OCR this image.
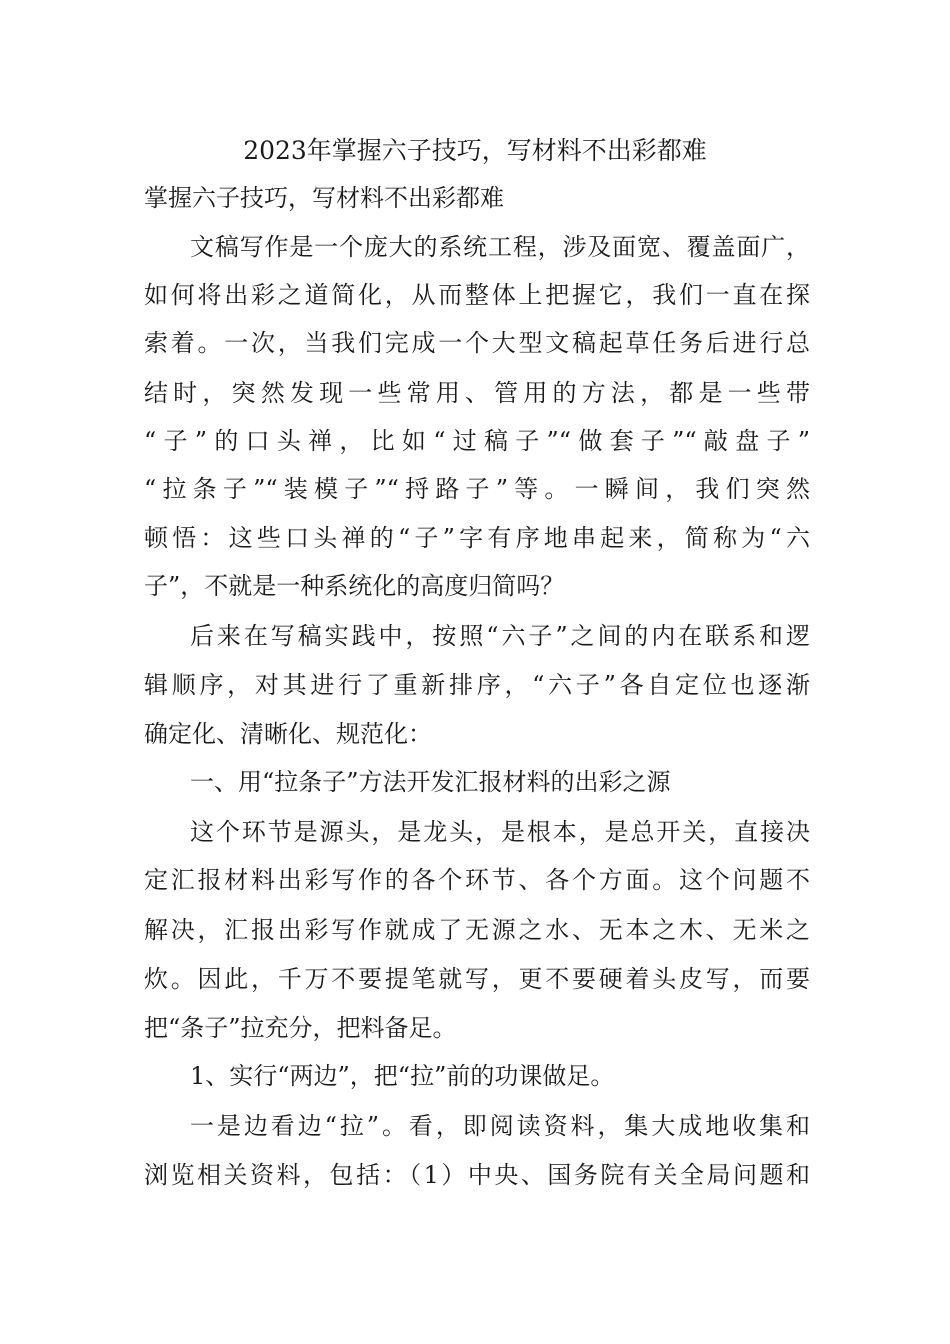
2023年掌握六子技巧，写材料不出彩都难
掌握六子技巧，写材料不出彩都难
文稿写作是一个庞大的系统工程，涉及面宽、覆盖面广，
如何将出彩之道简化，从而整体上把握它，我们一直在探
索着。一次，当我们完成一个大型文稿起草任务后进行总
结时，突然发现一些常用、管用的方法，都是一些带
“子”的口头禅，比如“过稿子”“做套子”“敲盘子”
“拉条子”“装模子”“捋路子”等。一瞬间，我们突然
顿悟：这些口头禅的“子”字有序地串起来，简称为“六
子”，不就是一种系统化的高度归简吗？
后来在写稿实践中，按照“六子”之间的内在联系和逻
辑顺序，对其进行了重新排序，“六子”各自定位也逐渐
确定化、清晰化、规范化：
一、用“拉条子”方法开发汇报材料的出彩之源
这个环节是源头，是龙头，是根本，是总开关，直接决
定汇报材料出彩写作的各个环节、各个方面。这个问题不
解决，汇报出彩写作就成了无源之水、无本之木、无米之
炊。因此，千万不要提笔就写，更不要硬着头皮写，而要
把“条子”拉充分，把料备足。
1、实行“两边”，把“拉”前的功课做足。
一是边看边“拉”。看，即阅读资料，集大成地收集和
浏览相关资料，包括：（1）中央、国务院有关全局问题和
